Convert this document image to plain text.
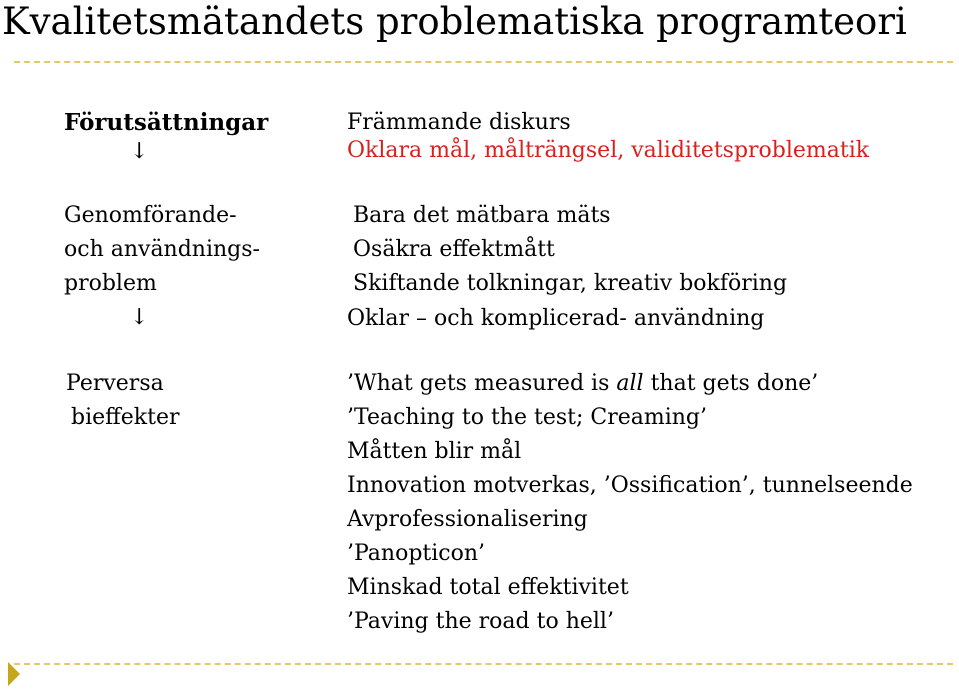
Kvalitetsmätandets problematiska programteori
Förutsättningar
↓
Främmande diskurs
Oklara mål, målträngsel, validitetsproblematik
Genomförande-
och användnings-
problem
↓
Bara det mätbara mäts
Osäkra effektmått
Skiftande tolkningar, kreativ bokföring
Oklar – och komplicerad- användning
Perversa
bieffekter
’What gets measured is all that gets done’
’Teaching to the test; Creaming’
Måtten blir mål
Innovation motverkas, ’Ossification’, tunnelseende
Avprofessionalisering
’Panopticon’
Minskad total effektivitet
’Paving the road to hell’
